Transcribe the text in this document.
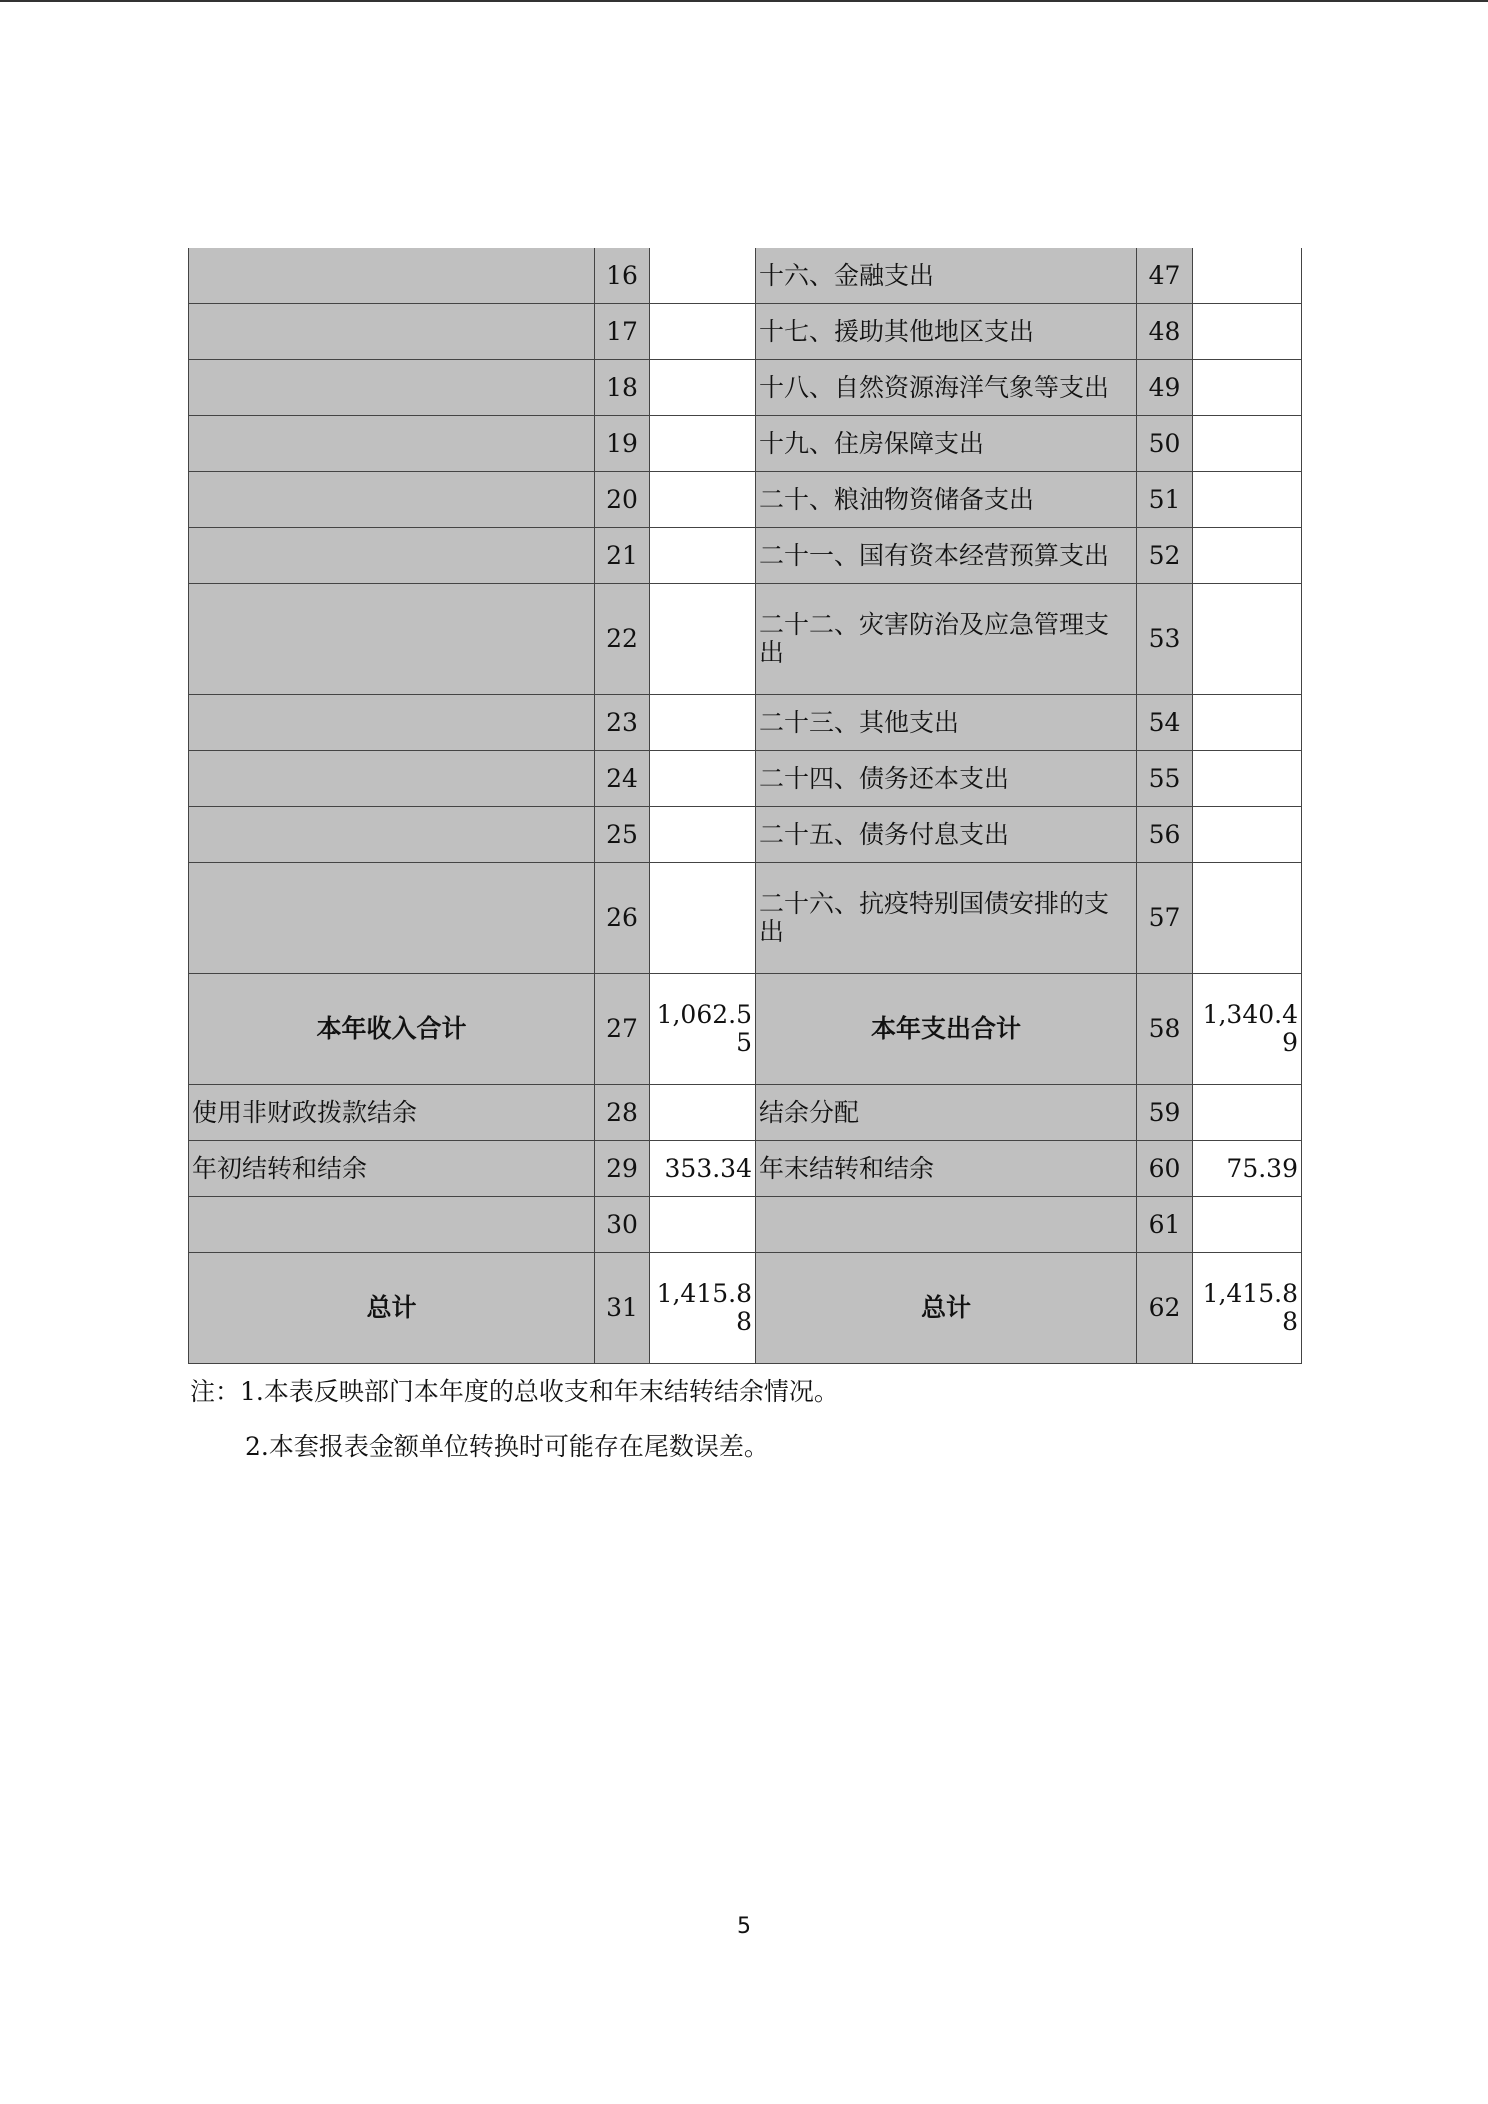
	16		十六、金融支出	47	
	17		十七、援助其他地区支出	48	
	18		十八、自然资源海洋气象等支出	49	
	19		十九、住房保障支出	50	
	20		二十、粮油物资储备支出	51	
	21		二十一、国有资本经营预算支出	52	
	22		二十二、灾害防治及应急管理支出	53	
	23		二十三、其他支出	54	
	24		二十四、债务还本支出	55	
	25		二十五、债务付息支出	56	
	26		二十六、抗疫特别国债安排的支出	57	
本年收入合计	27	1,062.55	本年支出合计	58	1,340.49
使用非财政拨款结余	28		结余分配	59	
年初结转和结余	29	353.34	年末结转和结余	60	75.39
	30			61	
总计	31	1,415.88	总计	62	1,415.88
注：1.本表反映部门本年度的总收支和年末结转结余情况。
2.本套报表金额单位转换时可能存在尾数误差。
5
